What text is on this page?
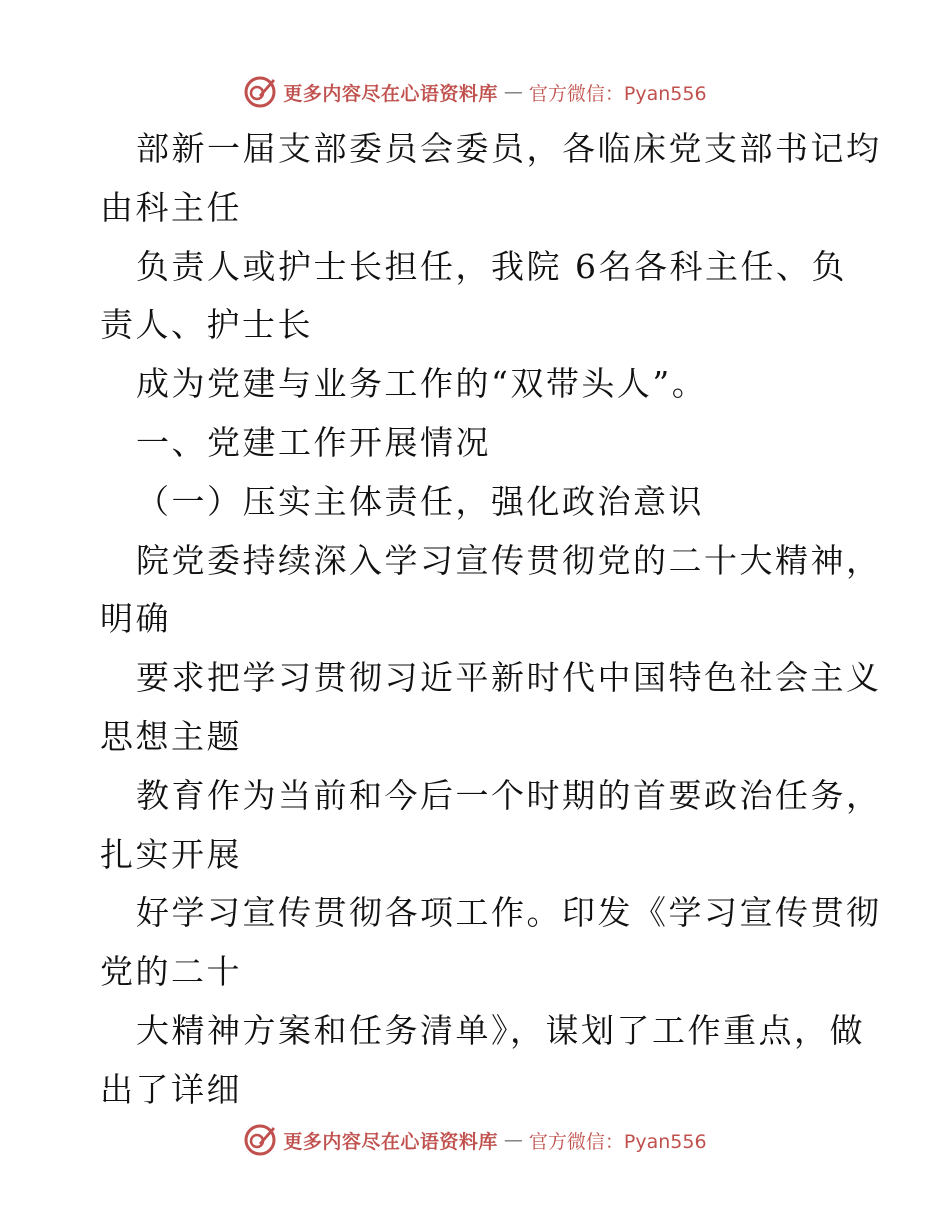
更多内容尽在心语资料库 — 官方微信：Pyan556

部新一届支部委员会委员，各临床党支部书记均

由科主任

负责人或护士长担任，我院 6名各科主任、负

责人、护士长

成为党建与业务工作的“双带头人”。

一、党建工作开展情况

（一）压实主体责任，强化政治意识

院党委持续深入学习宣传贯彻党的二十大精神，

明确

要求把学习贯彻习近平新时代中国特色社会主义

思想主题

教育作为当前和今后一个时期的首要政治任务，

扎实开展

好学习宣传贯彻各项工作。印发《学习宣传贯彻

党的二十

大精神方案和任务清单》，谋划了工作重点，做

出了详细

更多内容尽在心语资料库 — 官方微信：Pyan556
